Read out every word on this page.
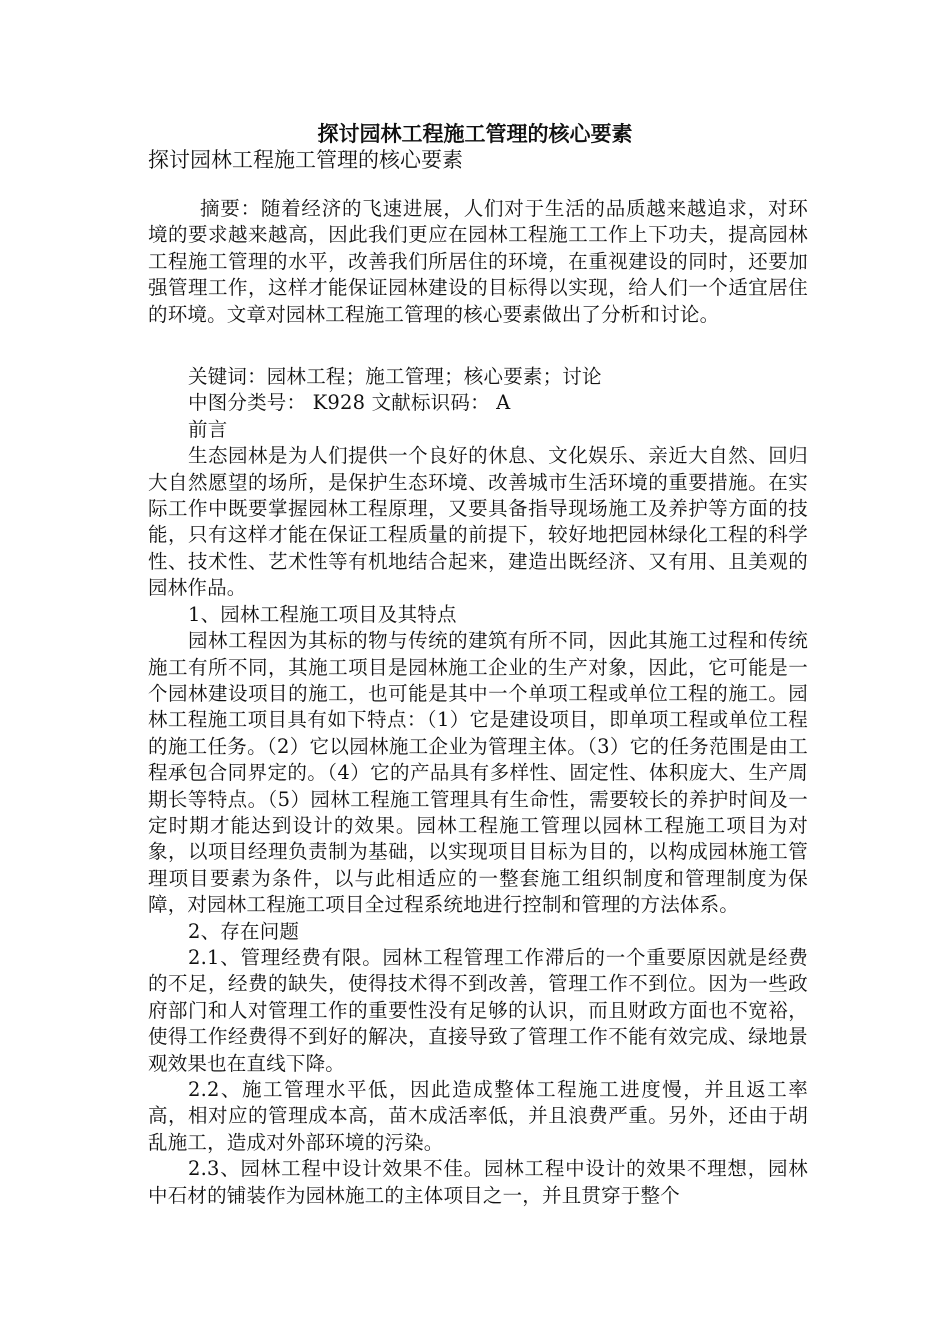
探讨园林工程施工管理的核心要素
探讨园林工程施工管理的核心要素

摘要：随着经济的飞速进展，人们对于生活的品质越来越追求，对环境的要求越来越高，因此我们更应在园林工程施工工作上下功夫，提高园林工程施工管理的水平，改善我们所居住的环境，在重视建设的同时，还要加强管理工作，这样才能保证园林建设的目标得以实现，给人们一个适宜居住的环境。文章对园林工程施工管理的核心要素做出了分析和讨论。

关键词：园林工程；施工管理；核心要素；讨论

中图分类号： K928 文献标识码： A

前言

生态园林是为人们提供一个良好的休息、文化娱乐、亲近大自然、回归大自然愿望的场所，是保护生态环境、改善城市生活环境的重要措施。在实际工作中既要掌握园林工程原理，又要具备指导现场施工及养护等方面的技能，只有这样才能在保证工程质量的前提下，较好地把园林绿化工程的科学性、技术性、艺术性等有机地结合起来，建造出既经济、又有用、且美观的园林作品。

1、园林工程施工项目及其特点

园林工程因为其标的物与传统的建筑有所不同，因此其施工过程和传统施工有所不同，其施工项目是园林施工企业的生产对象，因此，它可能是一个园林建设项目的施工，也可能是其中一个单项工程或单位工程的施工。园林工程施工项目具有如下特点：（1）它是建设项目，即单项工程或单位工程的施工任务。（2）它以园林施工企业为管理主体。（3）它的任务范围是由工程承包合同界定的。（4）它的产品具有多样性、固定性、体积庞大、生产周期长等特点。（5）园林工程施工管理具有生命性，需要较长的养护时间及一定时期才能达到设计的效果。园林工程施工管理以园林工程施工项目为对象，以项目经理负责制为基础，以实现项目目标为目的，以构成园林施工管理项目要素为条件，以与此相适应的一整套施工组织制度和管理制度为保障，对园林工程施工项目全过程系统地进行控制和管理的方法体系。

2、存在问题

2.1、管理经费有限。园林工程管理工作滞后的一个重要原因就是经费的不足，经费的缺失，使得技术得不到改善，管理工作不到位。因为一些政府部门和人对管理工作的重要性没有足够的认识，而且财政方面也不宽裕，使得工作经费得不到好的解决，直接导致了管理工作不能有效完成、绿地景观效果也在直线下降。

2.2、施工管理水平低，因此造成整体工程施工进度慢，并且返工率高，相对应的管理成本高，苗木成活率低，并且浪费严重。另外，还由于胡乱施工，造成对外部环境的污染。

2.3、园林工程中设计效果不佳。园林工程中设计的效果不理想，园林中石材的铺装作为园林施工的主体项目之一，并且贯穿于整个
